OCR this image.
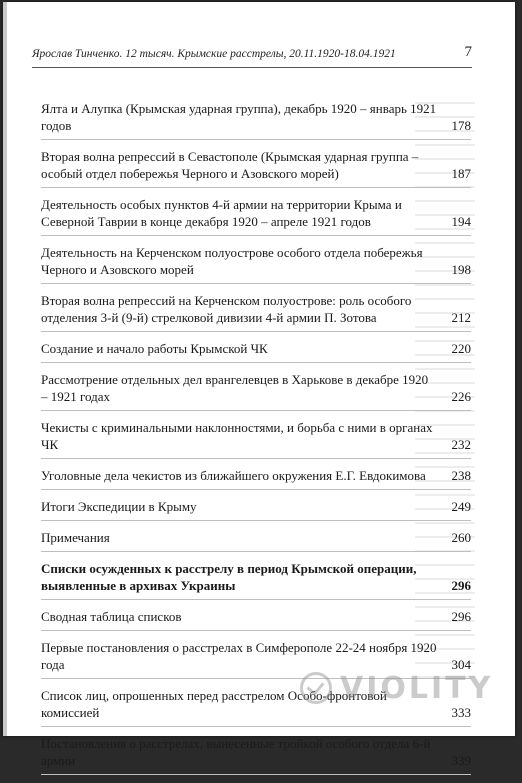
Ярослав Тинченко. 12 тысяч. Крымские расстрелы, 20.11.1920-18.04.1921	7
Ялта и Алупка (Крымская ударная группа), декабрь 1920 – январь 1921 годов	178
Вторая волна репрессий в Севастополе (Крымская ударная группа – особый отдел побережья Черного и Азовского морей)	187
Деятельность особых пунктов 4-й армии на территории Крыма и Северной Таврии в конце декабря 1920 – апреле 1921 годов	194
Деятельность на Керченском полуострове особого отдела побережья Черного и Азовского морей	198
Вторая волна репрессий на Керченском полуострове: роль особого отделения 3-й (9-й) стрелковой дивизии 4-й армии П. Зотова	212
Создание и начало работы Крымской ЧК	220
Рассмотрение отдельных дел врангелевцев в Харькове в декабре 1920 – 1921 годах	226
Чекисты с криминальными наклонностями, и борьба с ними в органах ЧК	232
Уголовные дела чекистов из ближайшего окружения Е.Г. Евдокимова	238
Итоги Экспедиции в Крыму	249
Примечания	260
Списки осужденных к расстрелу в период Крымской операции, выявленные в архивах Украины	296
Сводная таблица списков	296
Первые постановления о расстрелах в Симферополе 22-24 ноября 1920 года	304
Список лиц, опрошенных перед расстрелом Особо-фронтовой комиссией	333
Постановления о расстрелах, вынесенные тройкой особого отдела 6-й армии	339
VIOLITY
